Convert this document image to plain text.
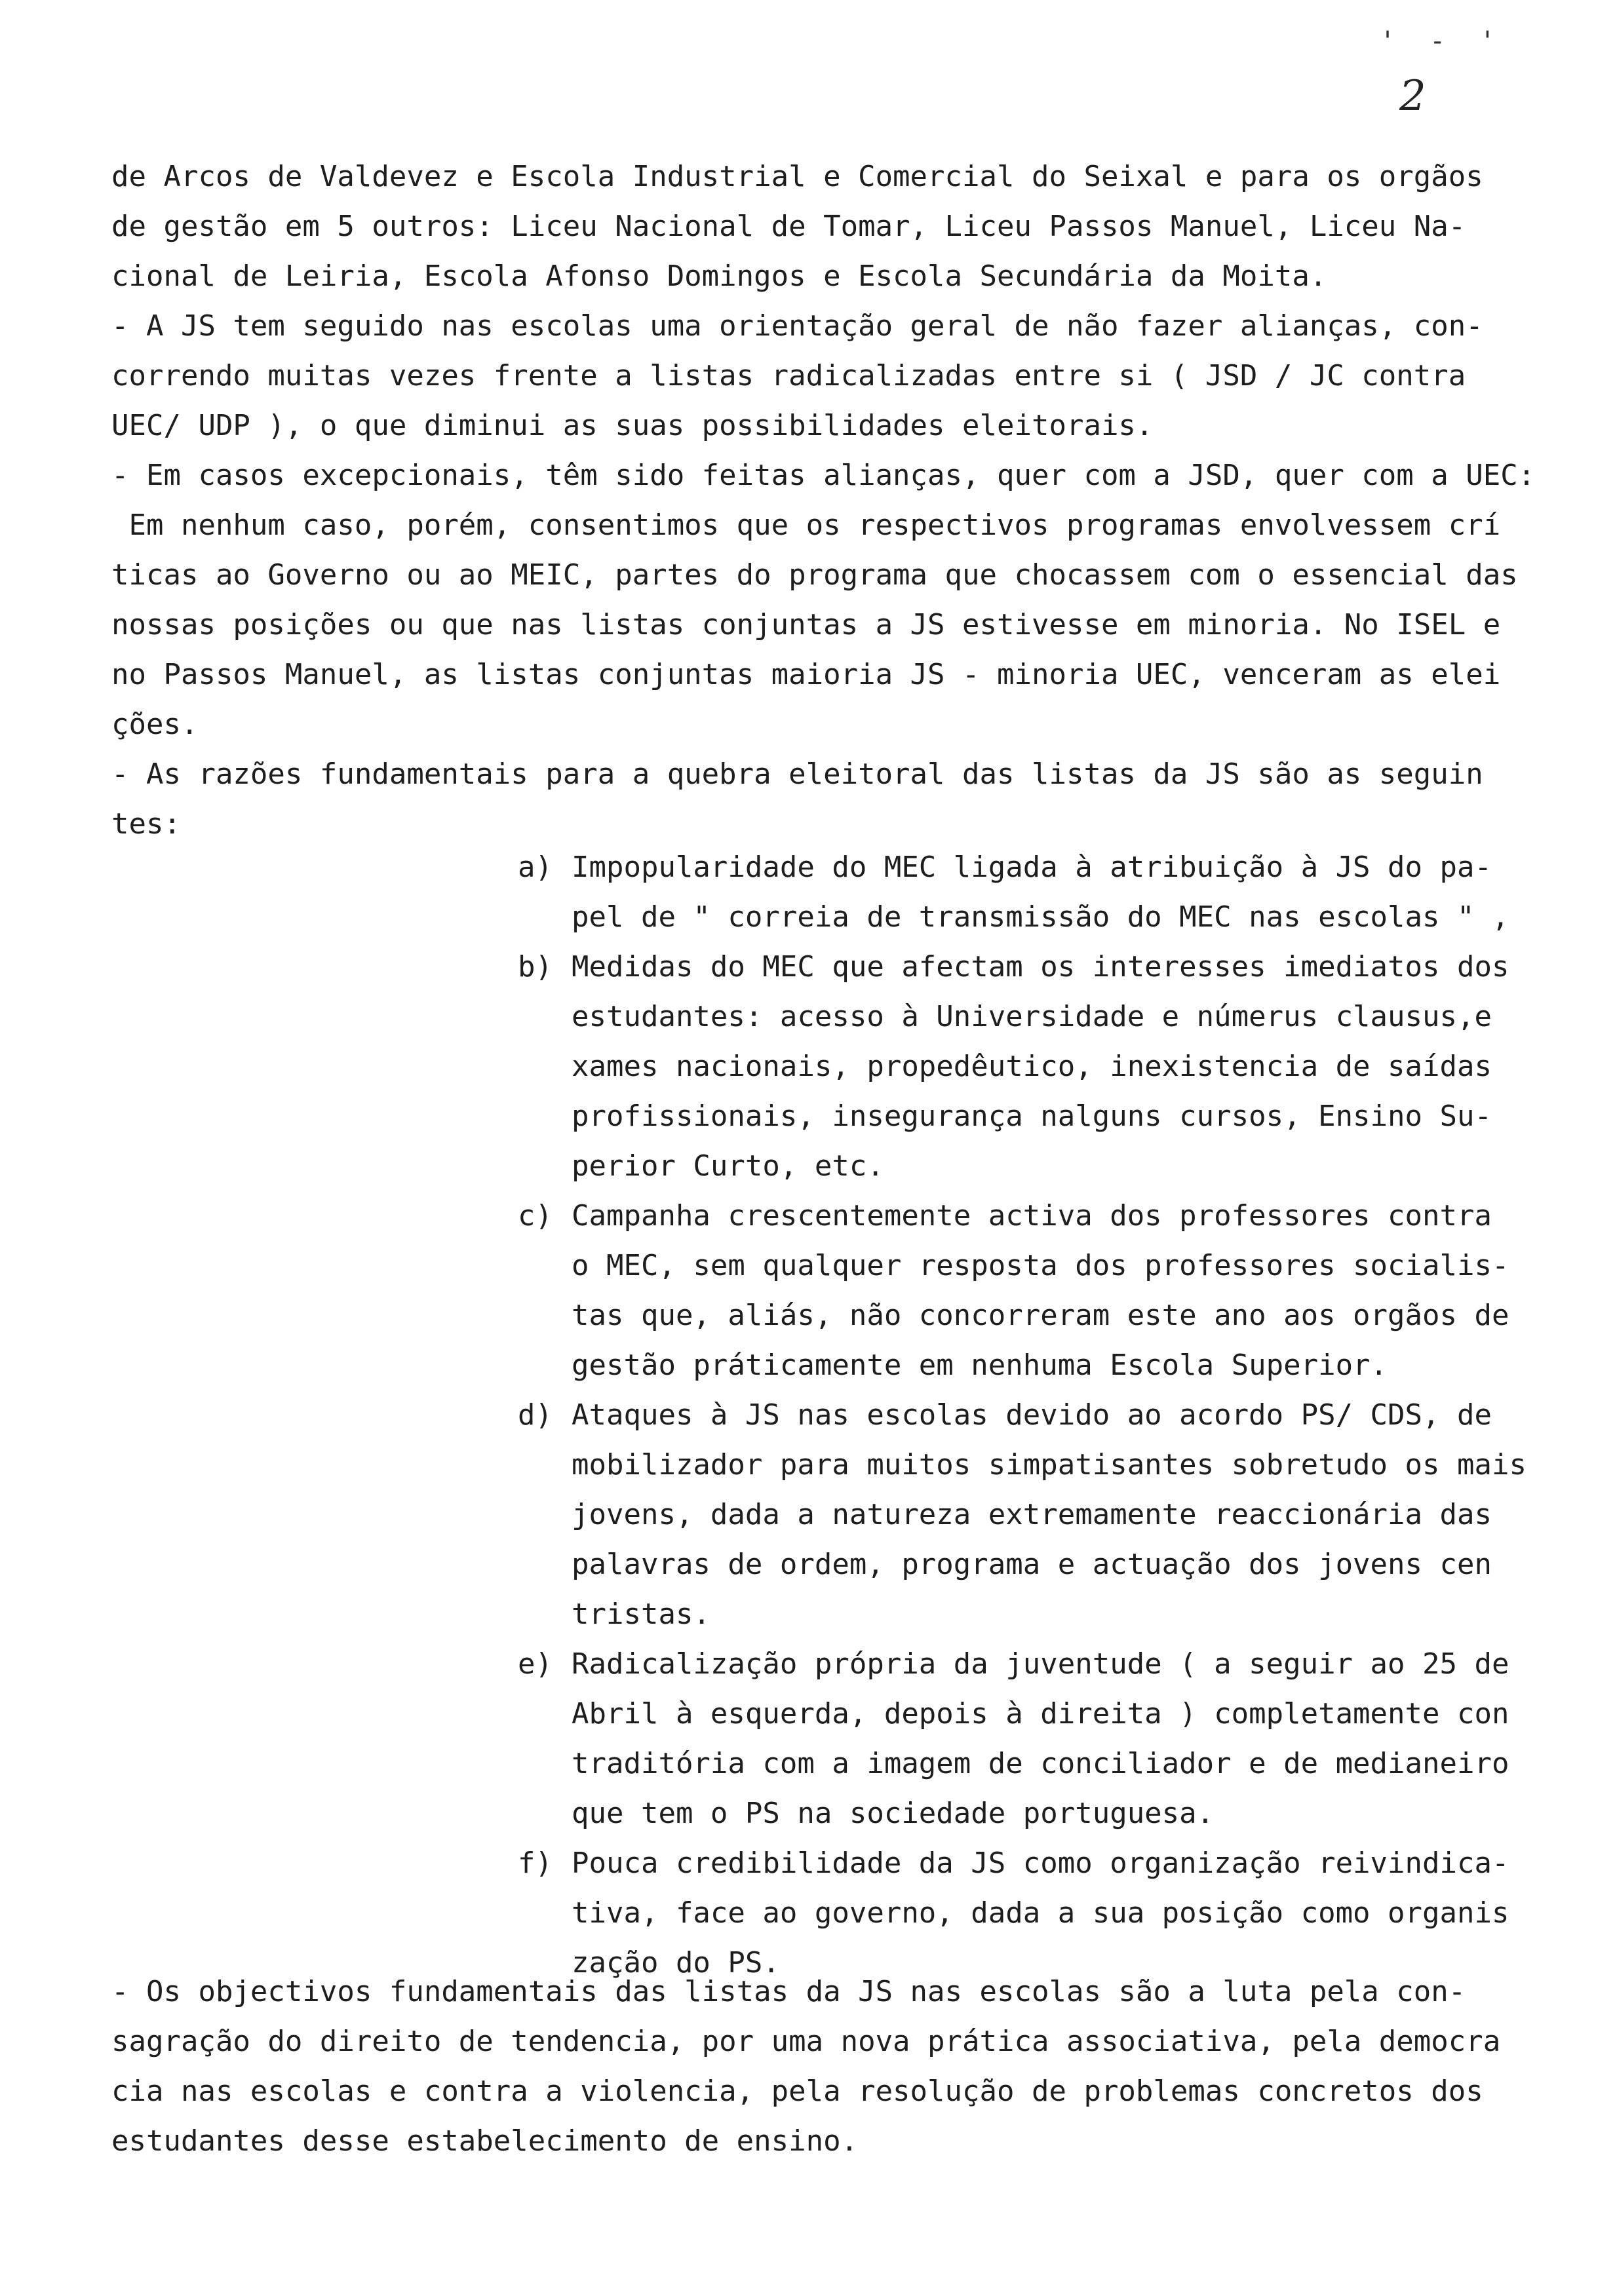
' - '
2
de Arcos de Valdevez e Escola Industrial e Comercial do Seixal e para os orgãos
de gestão em 5 outros: Liceu Nacional de Tomar, Liceu Passos Manuel, Liceu Na-
cional de Leiria, Escola Afonso Domingos e Escola Secundária da Moita.
- A JS tem seguido nas escolas uma orientação geral de não fazer alianças, con-
correndo muitas vezes frente a listas radicalizadas entre si ( JSD / JC contra
UEC/ UDP ), o que diminui as suas possibilidades eleitorais.
- Em casos excepcionais, têm sido feitas alianças, quer com a JSD, quer com a UEC:
Em nenhum caso, porém, consentimos que os respectivos programas envolvessem crí
ticas ao Governo ou ao MEIC, partes do programa que chocassem com o essencial das
nossas posições ou que nas listas conjuntas a JS estivesse em minoria. No ISEL e
no Passos Manuel, as listas conjuntas maioria JS - minoria UEC, venceram as elei
ções.
- As razões fundamentais para a quebra eleitoral das listas da JS são as seguin
tes:
a) Impopularidade do MEC ligada à atribuição à JS do pa-
pel de " correia de transmissão do MEC nas escolas " ,
b) Medidas do MEC que afectam os interesses imediatos dos
estudantes: acesso à Universidade e númerus clausus,e
xames nacionais, propedêutico, inexistencia de saídas
profissionais, insegurança nalguns cursos, Ensino Su-
perior Curto, etc.
c) Campanha crescentemente activa dos professores contra
o MEC, sem qualquer resposta dos professores socialis-
tas que, aliás, não concorreram este ano aos orgãos de
gestão práticamente em nenhuma Escola Superior.
d) Ataques à JS nas escolas devido ao acordo PS/ CDS, de
mobilizador para muitos simpatisantes sobretudo os mais
jovens, dada a natureza extremamente reaccionária das
palavras de ordem, programa e actuação dos jovens cen
tristas.
e) Radicalização própria da juventude ( a seguir ao 25 de
Abril à esquerda, depois à direita ) completamente con
traditória com a imagem de conciliador e de medianeiro
que tem o PS na sociedade portuguesa.
f) Pouca credibilidade da JS como organização reivindica-
tiva, face ao governo, dada a sua posição como organis
zação do PS.
- Os objectivos fundamentais das listas da JS nas escolas são a luta pela con-
sagração do direito de tendencia, por uma nova prática associativa, pela democra
cia nas escolas e contra a violencia, pela resolução de problemas concretos dos
estudantes desse estabelecimento de ensino.
